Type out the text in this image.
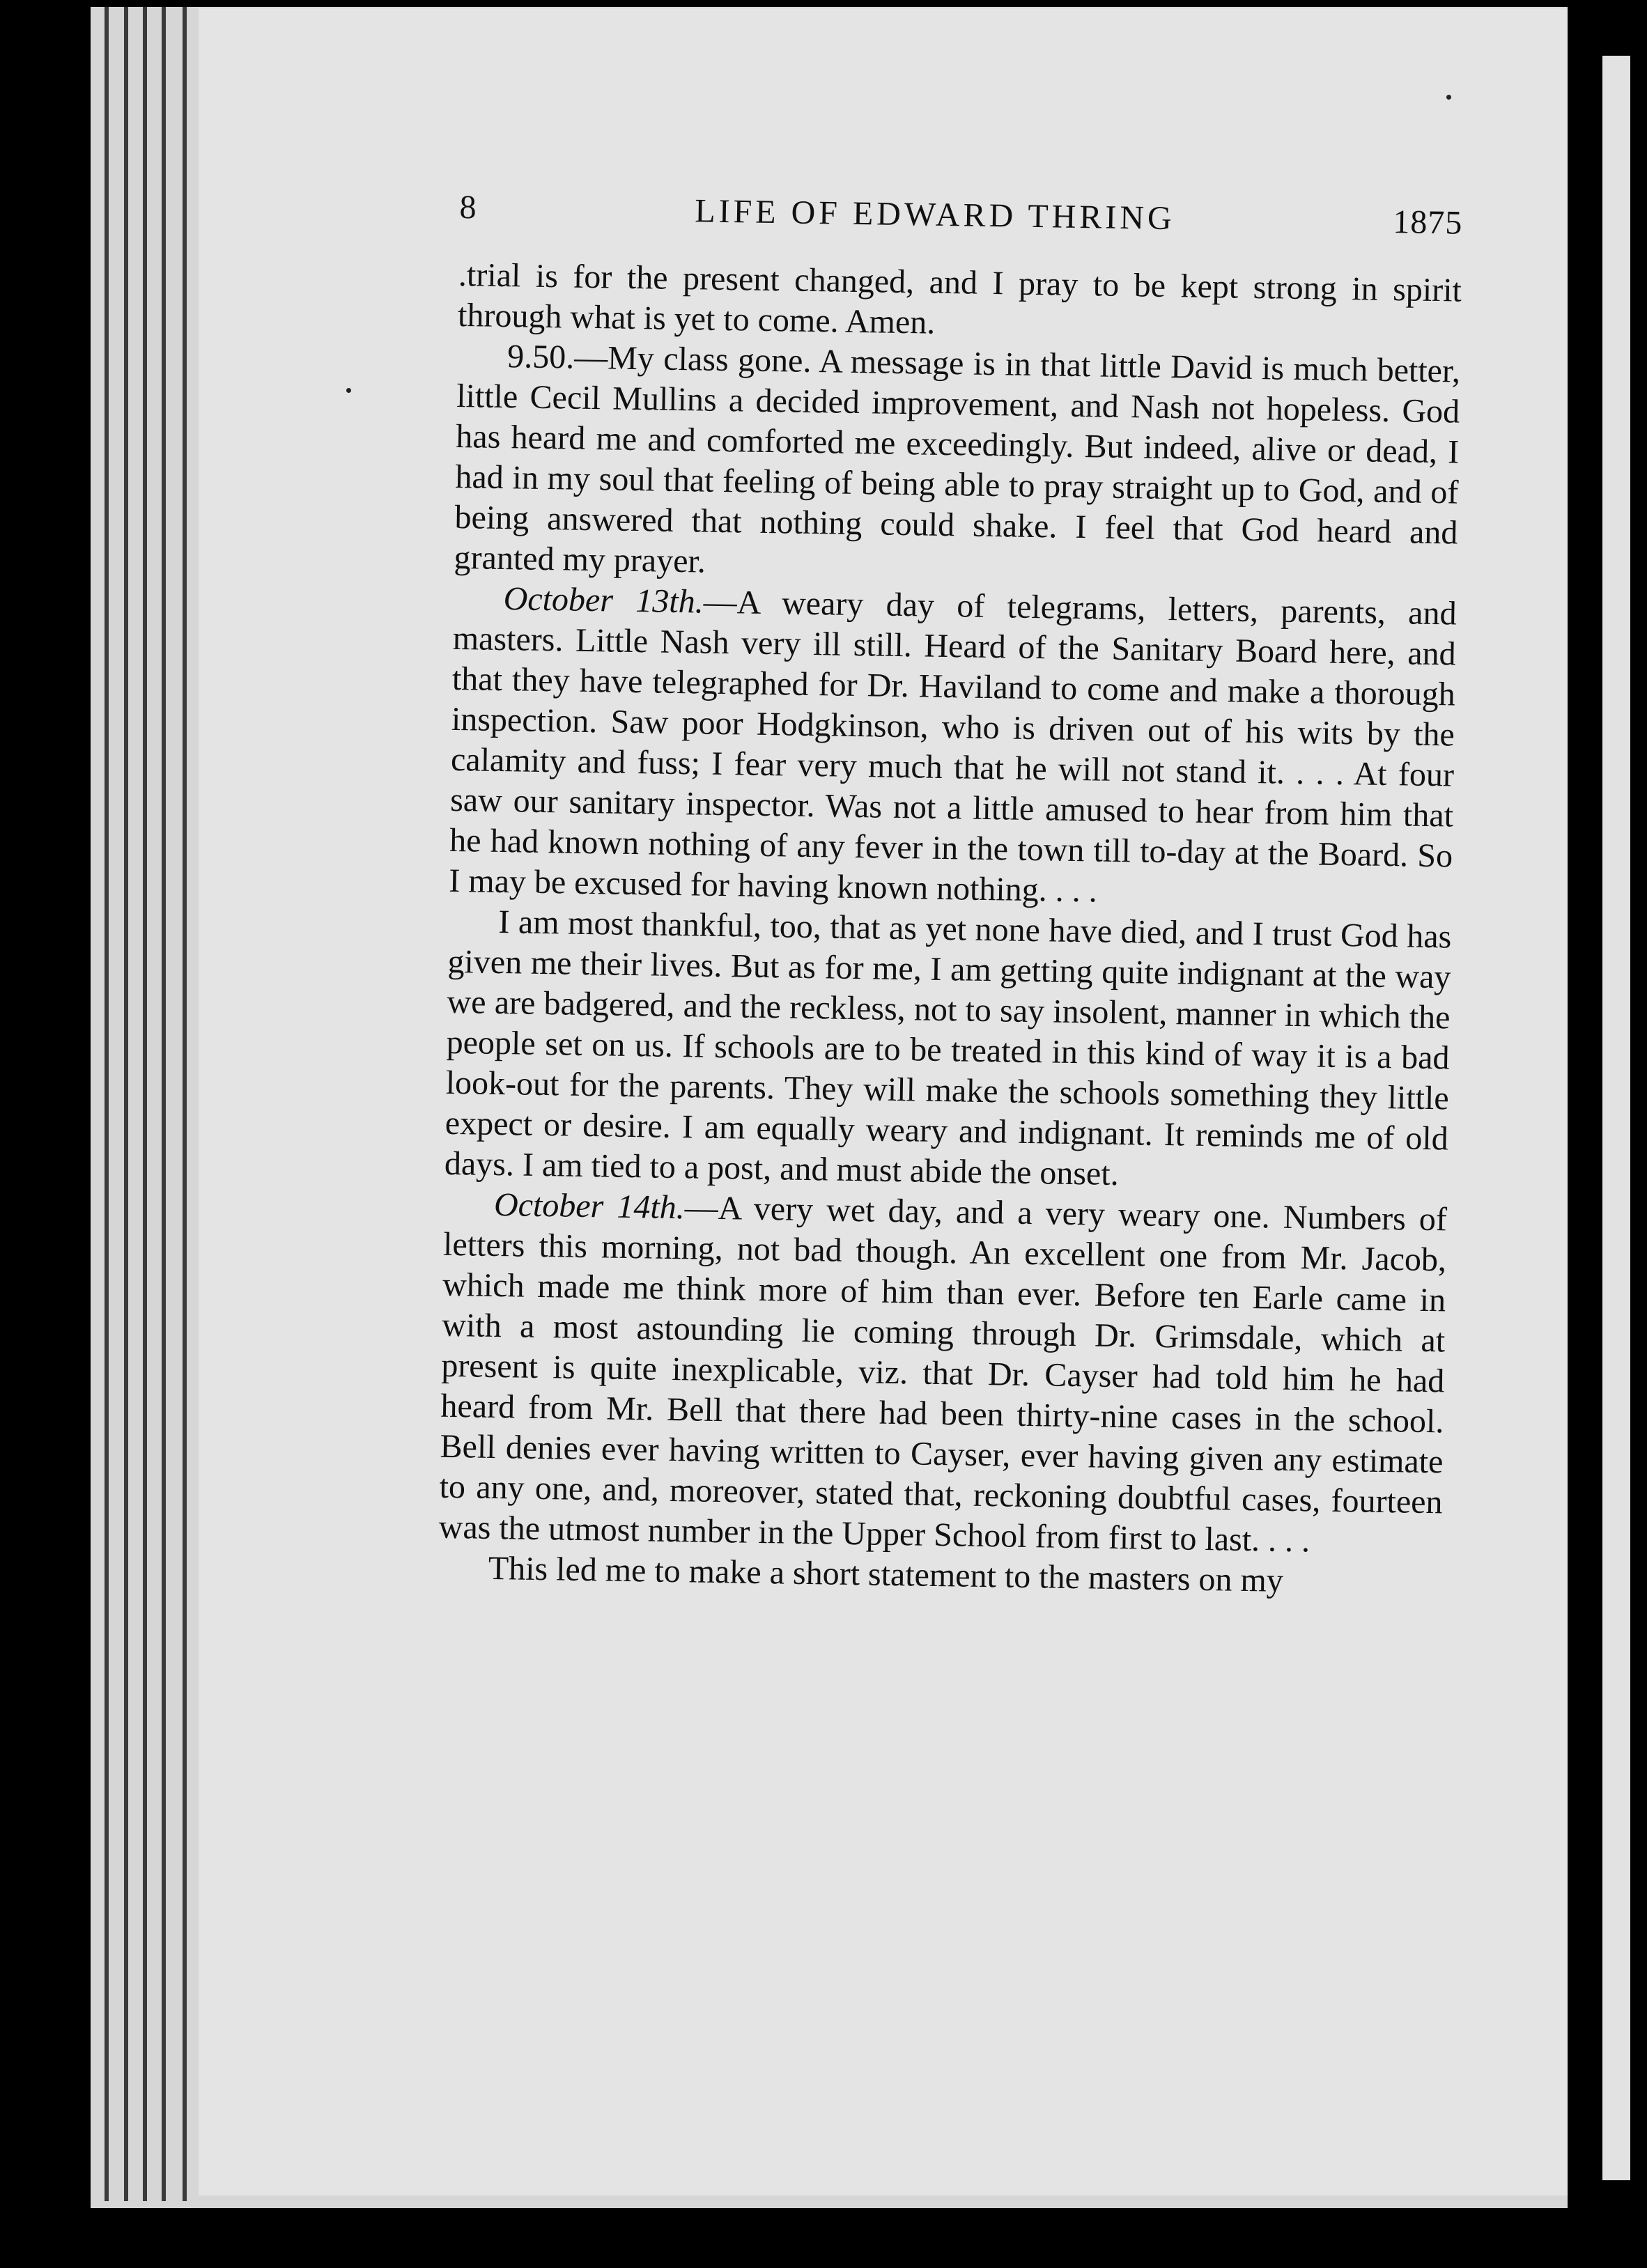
8	LIFE OF EDWARD THRING	1875

.trial is for the present changed, and I pray to be kept strong in spirit through what is yet to come. Amen.

9.50.—My class gone. A message is in that little David is much better, little Cecil Mullins a decided improvement, and Nash not hopeless. God has heard me and comforted me exceedingly. But indeed, alive or dead, I had in my soul that feeling of being able to pray straight up to God, and of being answered that nothing could shake. I feel that God heard and granted my prayer.

October 13th.—A weary day of telegrams, letters, parents, and masters. Little Nash very ill still. Heard of the Sanitary Board here, and that they have telegraphed for Dr. Haviland to come and make a thorough inspection. Saw poor Hodgkinson, who is driven out of his wits by the calamity and fuss; I fear very much that he will not stand it. . . . At four saw our sanitary inspector. Was not a little amused to hear from him that he had known nothing of any fever in the town till to-day at the Board. So I may be excused for having known nothing. . . .

I am most thankful, too, that as yet none have died, and I trust God has given me their lives. But as for me, I am getting quite indignant at the way we are badgered, and the reckless, not to say insolent, manner in which the people set on us. If schools are to be treated in this kind of way it is a bad look-out for the parents. They will make the schools something they little expect or desire. I am equally weary and indignant. It reminds me of old days. I am tied to a post, and must abide the onset.

October 14th.—A very wet day, and a very weary one. Numbers of letters this morning, not bad though. An excellent one from Mr. Jacob, which made me think more of him than ever. Before ten Earle came in with a most astounding lie coming through Dr. Grimsdale, which at present is quite inexplicable, viz. that Dr. Cayser had told him he had heard from Mr. Bell that there had been thirty-nine cases in the school. Bell denies ever having written to Cayser, ever having given any estimate to any one, and, moreover, stated that, reckoning doubtful cases, fourteen was the utmost number in the Upper School from first to last. . . .

This led me to make a short statement to the masters on my
